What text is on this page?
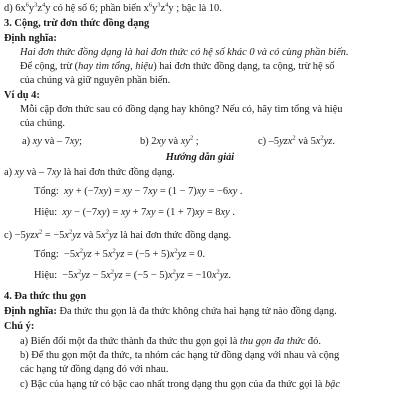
d) $6x^6y^3z^4y$ có hệ số 6; phần biến $x^6y^3z^4y$ ; bậc là 10.
3. Cộng, trừ đơn thức đồng dạng
Định nghĩa:
Hai đơn thức đồng dạng là hai đơn thức có hệ số khác 0 và có cùng phần biến.
Để cộng, trừ (hay tìm tổng, hiệu) hai đơn thức đồng dạng, ta cộng, trừ hệ số
của chúng và giữ nguyên phần biến.
Ví dụ 4:
Mỗi cặp đơn thức sau có đồng dạng hay không? Nếu có, hãy tìm tổng và hiệu
của chúng.
a) xy và – 7xy;	b) 2xy và $xy^2$ ;	c) –5yzx$^2$ và $5x^2yz$.
Hướng dẫn giải
a) xy và – 7xy là hai đơn thức đồng dạng.
Tổng:  xy + (−7xy) = xy − 7xy = (1 − 7)xy = −6xy .
Hiệu:  xy − (−7xy) = xy + 7xy = (1 + 7)xy = 8xy .
$c) -5yzx^2 = -5x^2yz$ và $5x^2yz$ là hai đơn thức đồng dạng.
Tổng:  $-5x^2yz + 5x^2yz = (-5 + 5)x^2yz = 0$.
Hiệu:  $-5x^2yz - 5x^2yz = (-5 - 5)x^2yz = -10x^2yz$.
4. Đa thức thu gọn
Định nghĩa: Đa thức thu gọn là đa thức không chứa hai hạng tử nào đồng dạng.
Chú ý:
a) Biến đổi một đa thức thành đa thức thu gọn gọi là thu gọn đa thức đó.
b) Để thu gọn một đa thức, ta nhóm các hạng tử đồng dạng với nhau và cộng
các hạng tử đồng dạng đó với nhau.
c) Bậc của hạng tử có bậc cao nhất trong dạng thu gọn của đa thức gọi là bậc
